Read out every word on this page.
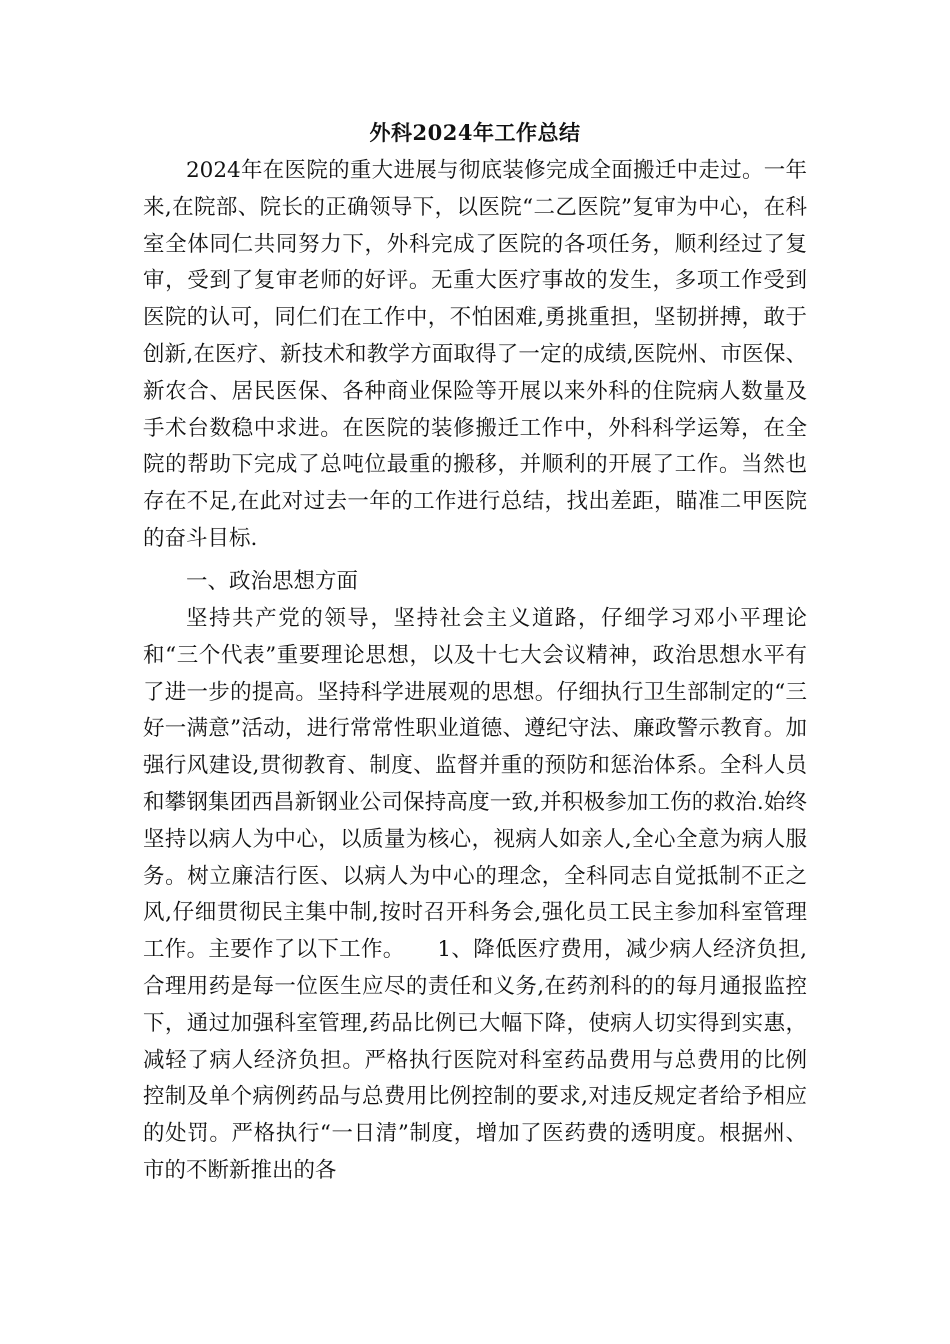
外科2024年工作总结

2024年在医院的重大进展与彻底装修完成全面搬迁中走过。一年来,在院部、院长的正确领导下，以医院“二乙医院”复审为中心，在科室全体同仁共同努力下，外科完成了医院的各项任务，顺利经过了复审，受到了复审老师的好评。无重大医疗事故的发生，多项工作受到医院的认可，同仁们在工作中，不怕困难,勇挑重担，坚韧拼搏，敢于创新,在医疗、新技术和教学方面取得了一定的成绩,医院州、市医保、新农合、居民医保、各种商业保险等开展以来外科的住院病人数量及手术台数稳中求进。在医院的装修搬迁工作中，外科科学运筹，在全院的帮助下完成了总吨位最重的搬移，并顺利的开展了工作。当然也存在不足,在此对过去一年的工作进行总结，找出差距，瞄准二甲医院的奋斗目标.

一、政治思想方面

坚持共产党的领导，坚持社会主义道路，仔细学习邓小平理论和“三个代表”重要理论思想，以及十七大会议精神，政治思想水平有了进一步的提高。坚持科学进展观的思想。仔细执行卫生部制定的“三好一满意”活动，进行常常性职业道德、遵纪守法、廉政警示教育。加强行风建设,贯彻教育、制度、监督并重的预防和惩治体系。全科人员和攀钢集团西昌新钢业公司保持高度一致,并积极参加工伤的救治.始终坚持以病人为中心，以质量为核心，视病人如亲人,全心全意为病人服务。树立廉洁行医、以病人为中心的理念，全科同志自觉抵制不正之风,仔细贯彻民主集中制,按时召开科务会,强化员工民主参加科室管理工作。主要作了以下工作。　　1、降低医疗费用，减少病人经济负担,合理用药是每一位医生应尽的责任和义务,在药剂科的的每月通报监控下，通过加强科室管理,药品比例已大幅下降，使病人切实得到实惠，减轻了病人经济负担。严格执行医院对科室药品费用与总费用的比例控制及单个病例药品与总费用比例控制的要求,对违反规定者给予相应的处罚。严格执行“一日清”制度，增加了医药费的透明度。根据州、市的不断新推出的各
